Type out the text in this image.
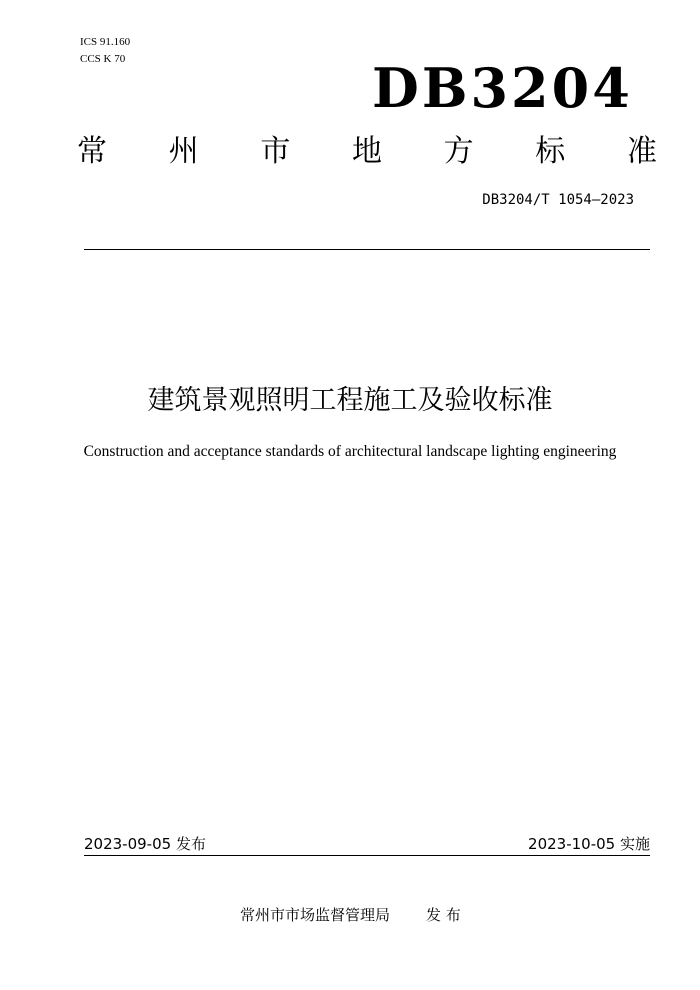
ICS 91.160
CCS K 70	DB3204
常 州 市 地 方 标 准
DB3204/T 1054—2023
建筑景观照明工程施工及验收标准
Construction and acceptance standards of architectural landscape lighting engineering
2023-09-05 发布	2023-10-05 实施
常州市市场监督管理局 发 布
